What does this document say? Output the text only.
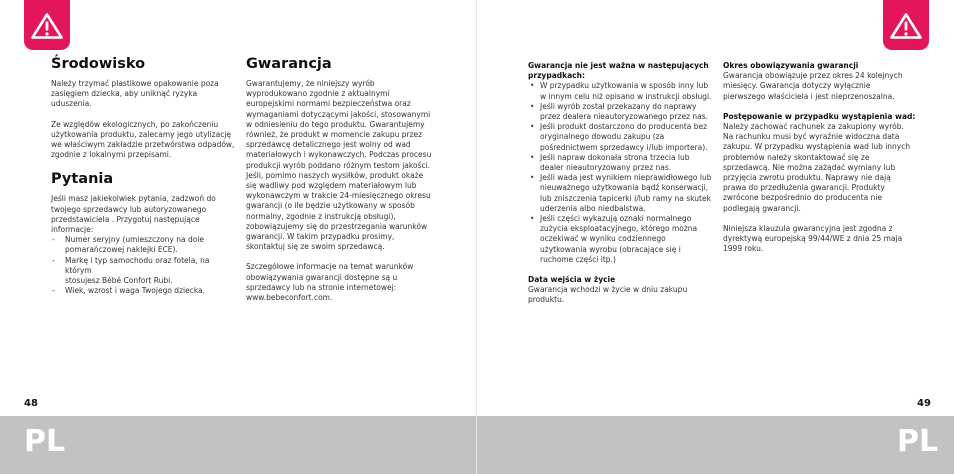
Środowisko

Należy trzymać plastikowe opakowanie poza
zasięgiem dziecka, aby uniknąć ryzyka uduszenia.

Ze względów ekologicznych, po zakończeniu
użytkowania produktu, zalecamy jego utylizację
we właściwym zakładzie przetwórstwa odpadów,
zgodnie z lokalnymi przepisami.

Pytania

Jeśli masz jakiekolwiek pytania, zadzwoń do
twojego sprzedawcy lub autoryzowanego
przedstawiciela . Przygotuj następujące
informacje:

- Numer seryjny (umieszczony na dole
pomarańczowej naklejki ECE).
- Markę i typ samochodu oraz fotela, na którym
stosujesz Bébé Confort Rubi.
- Wiek, wzrost i waga Twojego dziecka.
Gwarancja

Gwarantujemy, że niniejszy wyrób
wyprodukowano zgodnie z aktualnymi
europejskimi normami bezpieczeństwa oraz
wymaganiami dotyczącymi jakości, stosowanymi
w odniesieniu do tego produktu. Gwarantujemy
również, że produkt w momencie zakupu przez
sprzedawcę detalicznego jest wolny od wad
materiałowych i wykonawczych. Podczas procesu
produkcji wyrób poddano różnym testom jakości.
Jeśli, pomimo naszych wysiłków, produkt okaże
się wadliwy pod względem materiałowym lub
wykonawczym w trakcie 24-miesięcznego okresu
gwarancji (o ile będzie użytkowany w sposób
normalny, zgodnie z instrukcją obsługi),
zobowiązujemy się do przestrzegania warunków
gwarancji. W takim przypadku prosimy,
skontaktuj się ze swoim sprzedawcą.

Szczegółowe informacje na temat warunków
obowiązywania gwarancji dostępne są u
sprzedawcy lub na stronie internetowej:
www.bebeconfort.com.

48
PL
Gwarancja nie jest ważna w następujących
przypadkach:
• W przypadku użytkowania w sposób inny lub
w innym celu niż opisano w instrukcji obsługi.
• Jeśli wyrób został przekazany do naprawy
przez dealera nieautoryzowanego przez nas.
• Jeśli produkt dostarczono do producenta bez
oryginalnego dowodu zakupu (za
pośrednictwem sprzedawcy i/lub importera).
• Jeśli napraw dokonała strona trzecia lub
dealer nieautoryzowany przez nas.
• Jeśli wada jest wynikiem nieprawidłowego lub
nieuważnego użytkowania bądź konserwacji,
lub zniszczenia tapicerki i/lub ramy na skutek
uderzenia albo niedbalstwa.
• Jeśli części wykazują oznaki normalnego
zużycia eksploatacyjnego, którego można
oczekiwać w wyniku codziennego
użytkowania wyrobu (obracające się i
ruchome części itp.)
Data wejścia w życie

Gwarancja wchodzi w życie w dniu zakupu
produktu.

Okres obowiązywania gwarancji

Gwarancja obowiązuje przez okres 24 kolejnych
miesięcy. Gwarancja dotyczy wyłącznie
pierwszego właściciela i jest nieprzenoszalna.

Postępowanie w przypadku wystąpienia wad:

Należy zachować rachunek za zakupiony wyrób.
Na rachunku musi być wyraźnie widoczna data
zakupu. W przypadku wystąpienia wad lub innych
problemów należy skontaktować się ze
sprzedawcą. Nie można zażądać wymiany lub
przyjęcia zwrotu produktu. Naprawy nie dają
prawa do przedłużenia gwarancji. Produkty
zwrócone bezpośrednio do producenta nie
podlegają gwarancji.

Niniejsza klauzula gwarancyjna jest zgodna z
dyrektywą europejską 99/44/WE z dnia 25 maja
1999 roku.

49
PL
